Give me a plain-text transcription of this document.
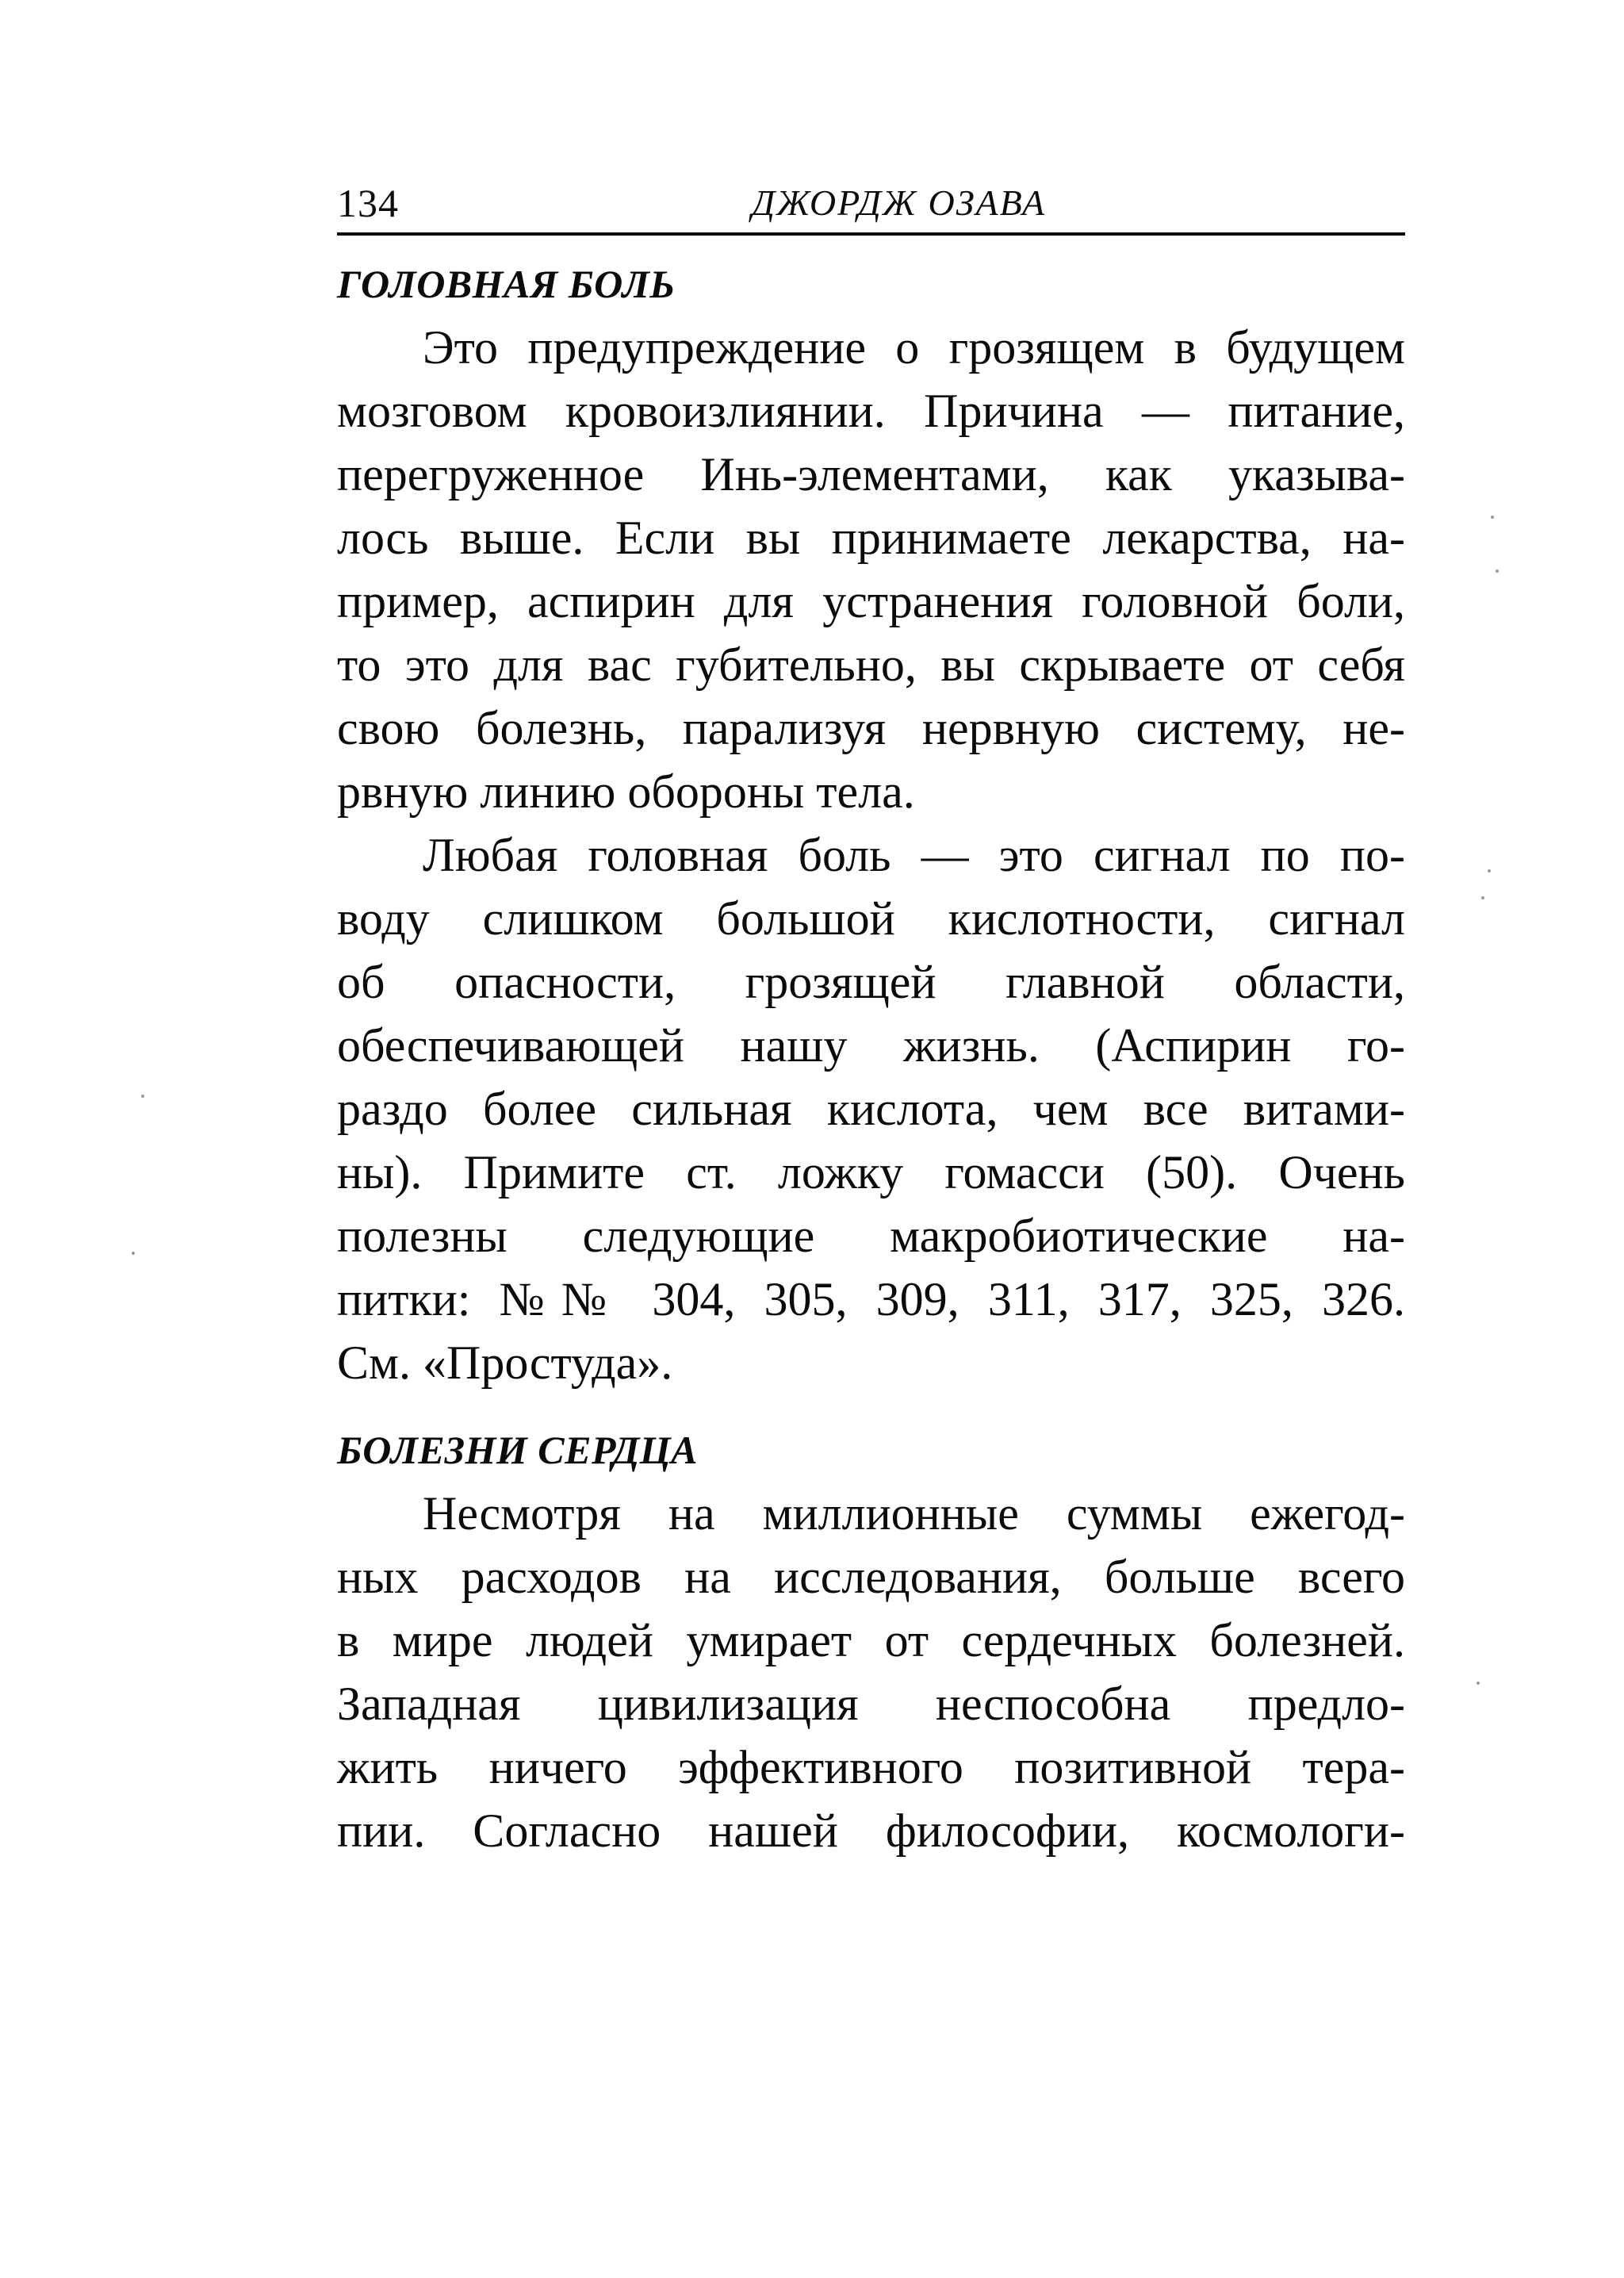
134	ДЖОРДЖ ОЗАВА
ГОЛОВНАЯ БОЛЬ
Это предупреждение о грозящем в будущем
мозговом кровоизлиянии. Причина — питание,
перегруженное Инь-элементами, как указыва-
лось выше. Если вы принимаете лекарства, на-
пример, аспирин для устранения головной боли,
то это для вас губительно, вы скрываете от себя
свою болезнь, парализуя нервную систему, не-
рвную линию обороны тела.
Любая головная боль — это сигнал по по-
воду слишком большой кислотности, сигнал
об опасности, грозящей главной области,
обеспечивающей нашу жизнь. (Аспирин го-
раздо более сильная кислота, чем все витами-
ны). Примите ст. ложку гомасси (50). Очень
полезны следующие макробиотические на-
питки: №№ 304, 305, 309, 311, 317, 325, 326.
См. «Простуда».
БОЛЕЗНИ СЕРДЦА
Несмотря на миллионные суммы ежегод-
ных расходов на исследования, больше всего
в мире людей умирает от сердечных болезней.
Западная цивилизация неспособна предло-
жить ничего эффективного позитивной тера-
пии. Согласно нашей философии, космологи-
